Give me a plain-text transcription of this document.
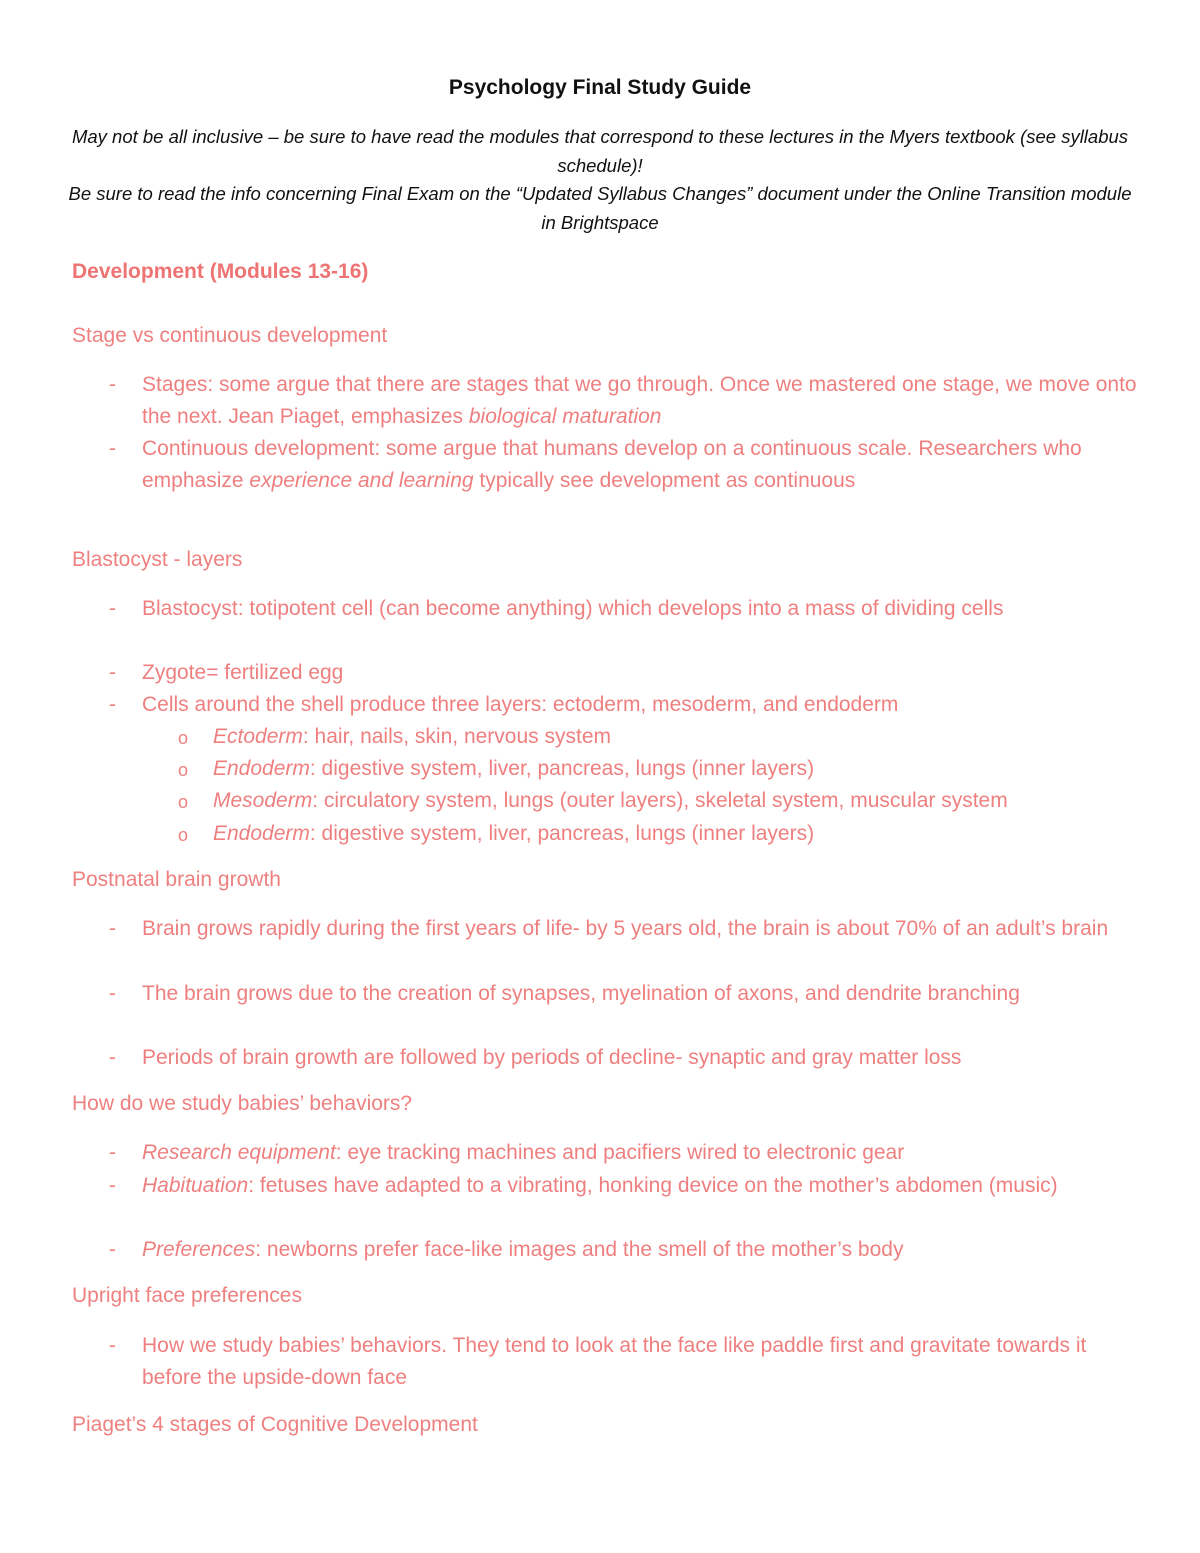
Psychology Final Study Guide
May not be all inclusive – be sure to have read the modules that correspond to these lectures in the Myers textbook (see syllabus schedule)!
Be sure to read the info concerning Final Exam on the “Updated Syllabus Changes” document under the Online Transition module in Brightspace
Development (Modules 13-16)
Stage vs continuous development
- Stages: some argue that there are stages that we go through. Once we mastered one stage, we move onto the next. Jean Piaget, emphasizes biological maturation
- Continuous development: some argue that humans develop on a continuous scale. Researchers who emphasize experience and learning typically see development as continuous
Blastocyst - layers
- Blastocyst: totipotent cell (can become anything) which develops into a mass of dividing cells
- Zygote= fertilized egg
- Cells around the shell produce three layers: ectoderm, mesoderm, and endoderm
o Ectoderm: hair, nails, skin, nervous system
o Endoderm: digestive system, liver, pancreas, lungs (inner layers)
o Mesoderm: circulatory system, lungs (outer layers), skeletal system, muscular system
o Endoderm: digestive system, liver, pancreas, lungs (inner layers)
Postnatal brain growth
- Brain grows rapidly during the first years of life- by 5 years old, the brain is about 70% of an adult’s brain
- The brain grows due to the creation of synapses, myelination of axons, and dendrite branching
- Periods of brain growth are followed by periods of decline- synaptic and gray matter loss
How do we study babies’ behaviors?
- Research equipment: eye tracking machines and pacifiers wired to electronic gear
- Habituation: fetuses have adapted to a vibrating, honking device on the mother’s abdomen (music)
- Preferences: newborns prefer face-like images and the smell of the mother’s body
Upright face preferences
- How we study babies’ behaviors. They tend to look at the face like paddle first and gravitate towards it before the upside-down face
Piaget’s 4 stages of Cognitive Development
